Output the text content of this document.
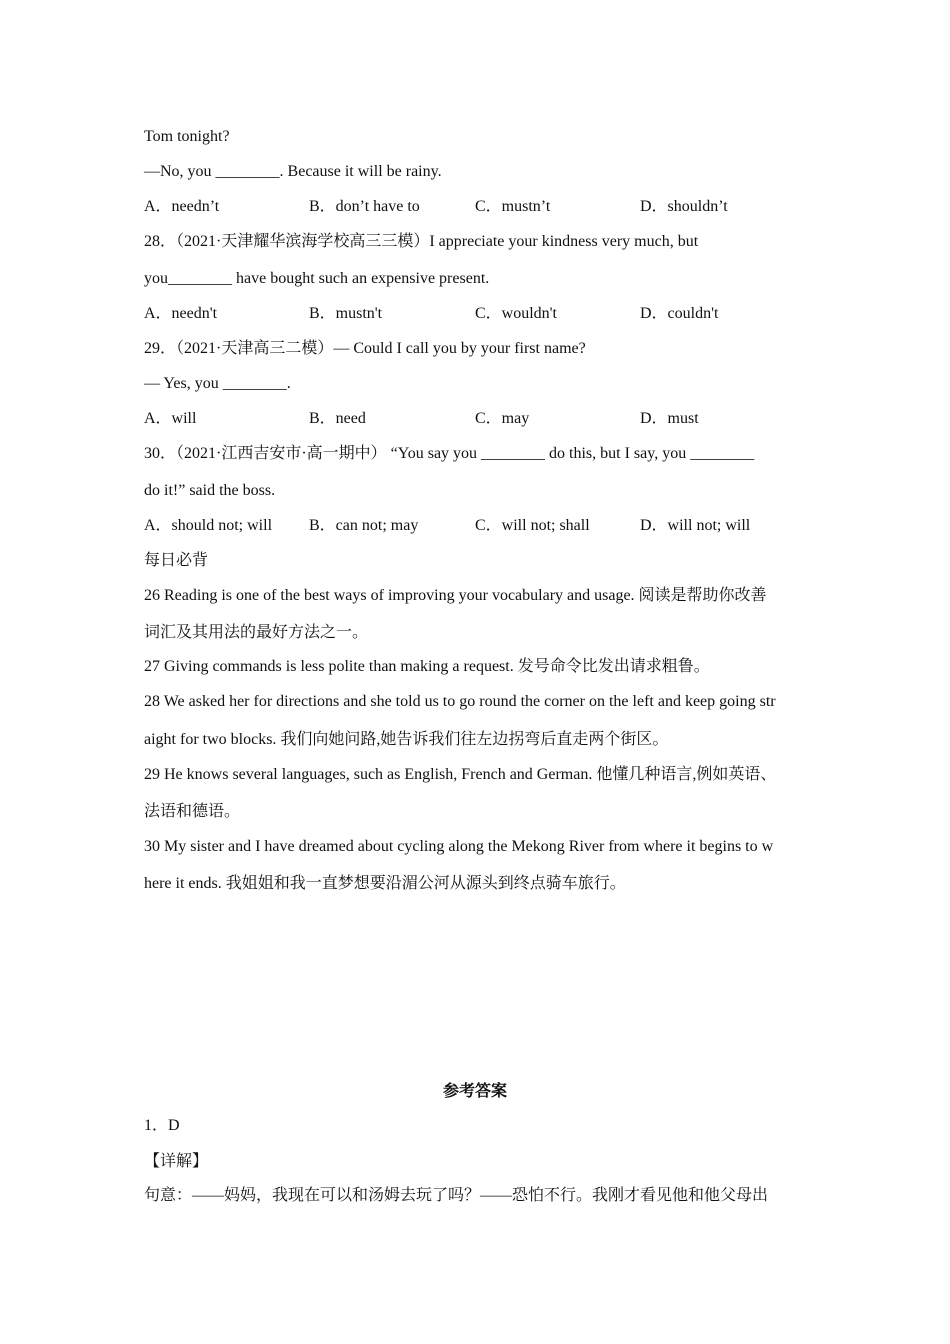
Tom tonight?
—No, you ________. Because it will be rainy.
A．needn’t	B．don’t have to	C．mustn’t	D．shouldn’t
28．（2021·天津耀华滨海学校高三三模）I appreciate your kindness very much, but
you________ have bought such an expensive present.
A．needn't	B．mustn't	C．wouldn't	D．couldn't
29．（2021·天津高三二模）— Could I call you by your first name?
— Yes, you ________.
A．will	B．need	C．may	D．must
30．（2021·江西吉安市·高一期中） “You say you ________ do this, but I say, you ________
do it!” said the boss.
A．should not; will B．can not; may	C．will not; shall	D．will not; will
每日必背
26 Reading is one of the best ways of improving your vocabulary and usage. 阅读是帮助你改善
词汇及其用法的最好方法之一。
27 Giving commands is less polite than making a request. 发号命令比发出请求粗鲁。
28 We asked her for directions and she told us to go round the corner on the left and keep going str
aight for two blocks. 我们向她问路,她告诉我们往左边拐弯后直走两个街区。
29 He knows several languages, such as English, French and German. 他懂几种语言,例如英语、
法语和德语。
30 My sister and I have dreamed about cycling along the Mekong River from where it begins to w
here it ends. 我姐姐和我一直梦想要沿湄公河从源头到终点骑车旅行。
参考答案
1．D
【详解】
句意：——妈妈，我现在可以和汤姆去玩了吗？——恐怕不行。我刚才看见他和他父母出
